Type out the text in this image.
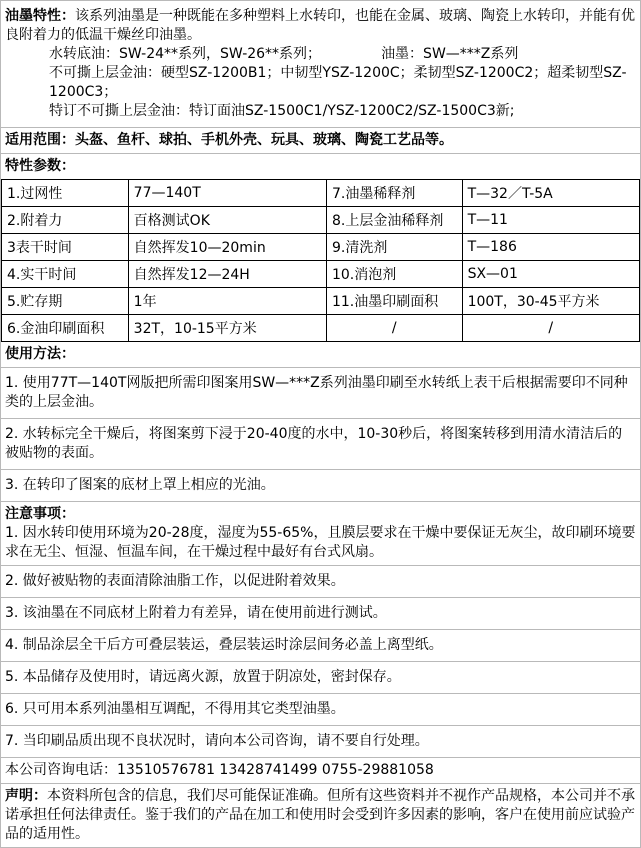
油墨特性：该系列油墨是一种既能在多种塑料上水转印，也能在金属、玻璃、陶瓷上水转印，并能有优良附着力的低温干燥丝印油墨。
水转底油：SW-24**系列，SW-26**系列；	油墨：SW—***Z系列
不可撕上层金油：硬型SZ-1200B1；中韧型YSZ-1200C；柔韧型SZ-1200C2；超柔韧型SZ-1200C3；
特订不可撕上层金油：特订面油SZ-1500C1/YSZ-1200C2/SZ-1500C3新;
适用范围：头盔、鱼杆、球拍、手机外壳、玩具、玻璃、陶瓷工艺品等。
特性参数：
1.过网性	77—140T	7.油墨稀释剂	T—32／T-5A
2.附着力	百格测试OK	8.上层金油稀释剂	T—11
3表干时间	自然挥发10—20min	9.清洗剂	T—186
4.实干时间	自然挥发12—24H	10.消泡剂	SX—01
5.贮存期	1年	11.油墨印刷面积	100T，30-45平方米
6.金油印刷面积	32T，10-15平方米	/	/
使用方法：
1. 使用77T—140T网版把所需印图案用SW—***Z系列油墨印刷至水转纸上表干后根据需要印不同种类的上层金油。
2. 水转标完全干燥后，将图案剪下浸于20-40度的水中，10-30秒后，将图案转移到用清水清洁后的被贴物的表面。
3. 在转印了图案的底材上罩上相应的光油。
注意事项：
1. 因水转印使用环境为20-28度，湿度为55-65%，且膜层要求在干燥中要保证无灰尘，故印刷环境要求在无尘、恒湿、恒温车间，在干燥过程中最好有台式风扇。
2. 做好被贴物的表面清除油脂工作，以促进附着效果。
3. 该油墨在不同底材上附着力有差异，请在使用前进行测试。
4. 制品涂层全干后方可叠层装运，叠层装运时涂层间务必盖上离型纸。
5. 本品储存及使用时，请远离火源，放置于阴凉处，密封保存。
6. 只可用本系列油墨相互调配，不得用其它类型油墨。
7. 当印刷品质出现不良状况时，请向本公司咨询，请不要自行处理。
本公司咨询电话：13510576781 13428741499 0755-29881058
声明：本资料所包含的信息，我们尽可能保证准确。但所有这些资料并不视作产品规格，本公司并不承诺承担任何法律责任。鉴于我们的产品在加工和使用时会受到许多因素的影响，客户在使用前应试验产品的适用性。
